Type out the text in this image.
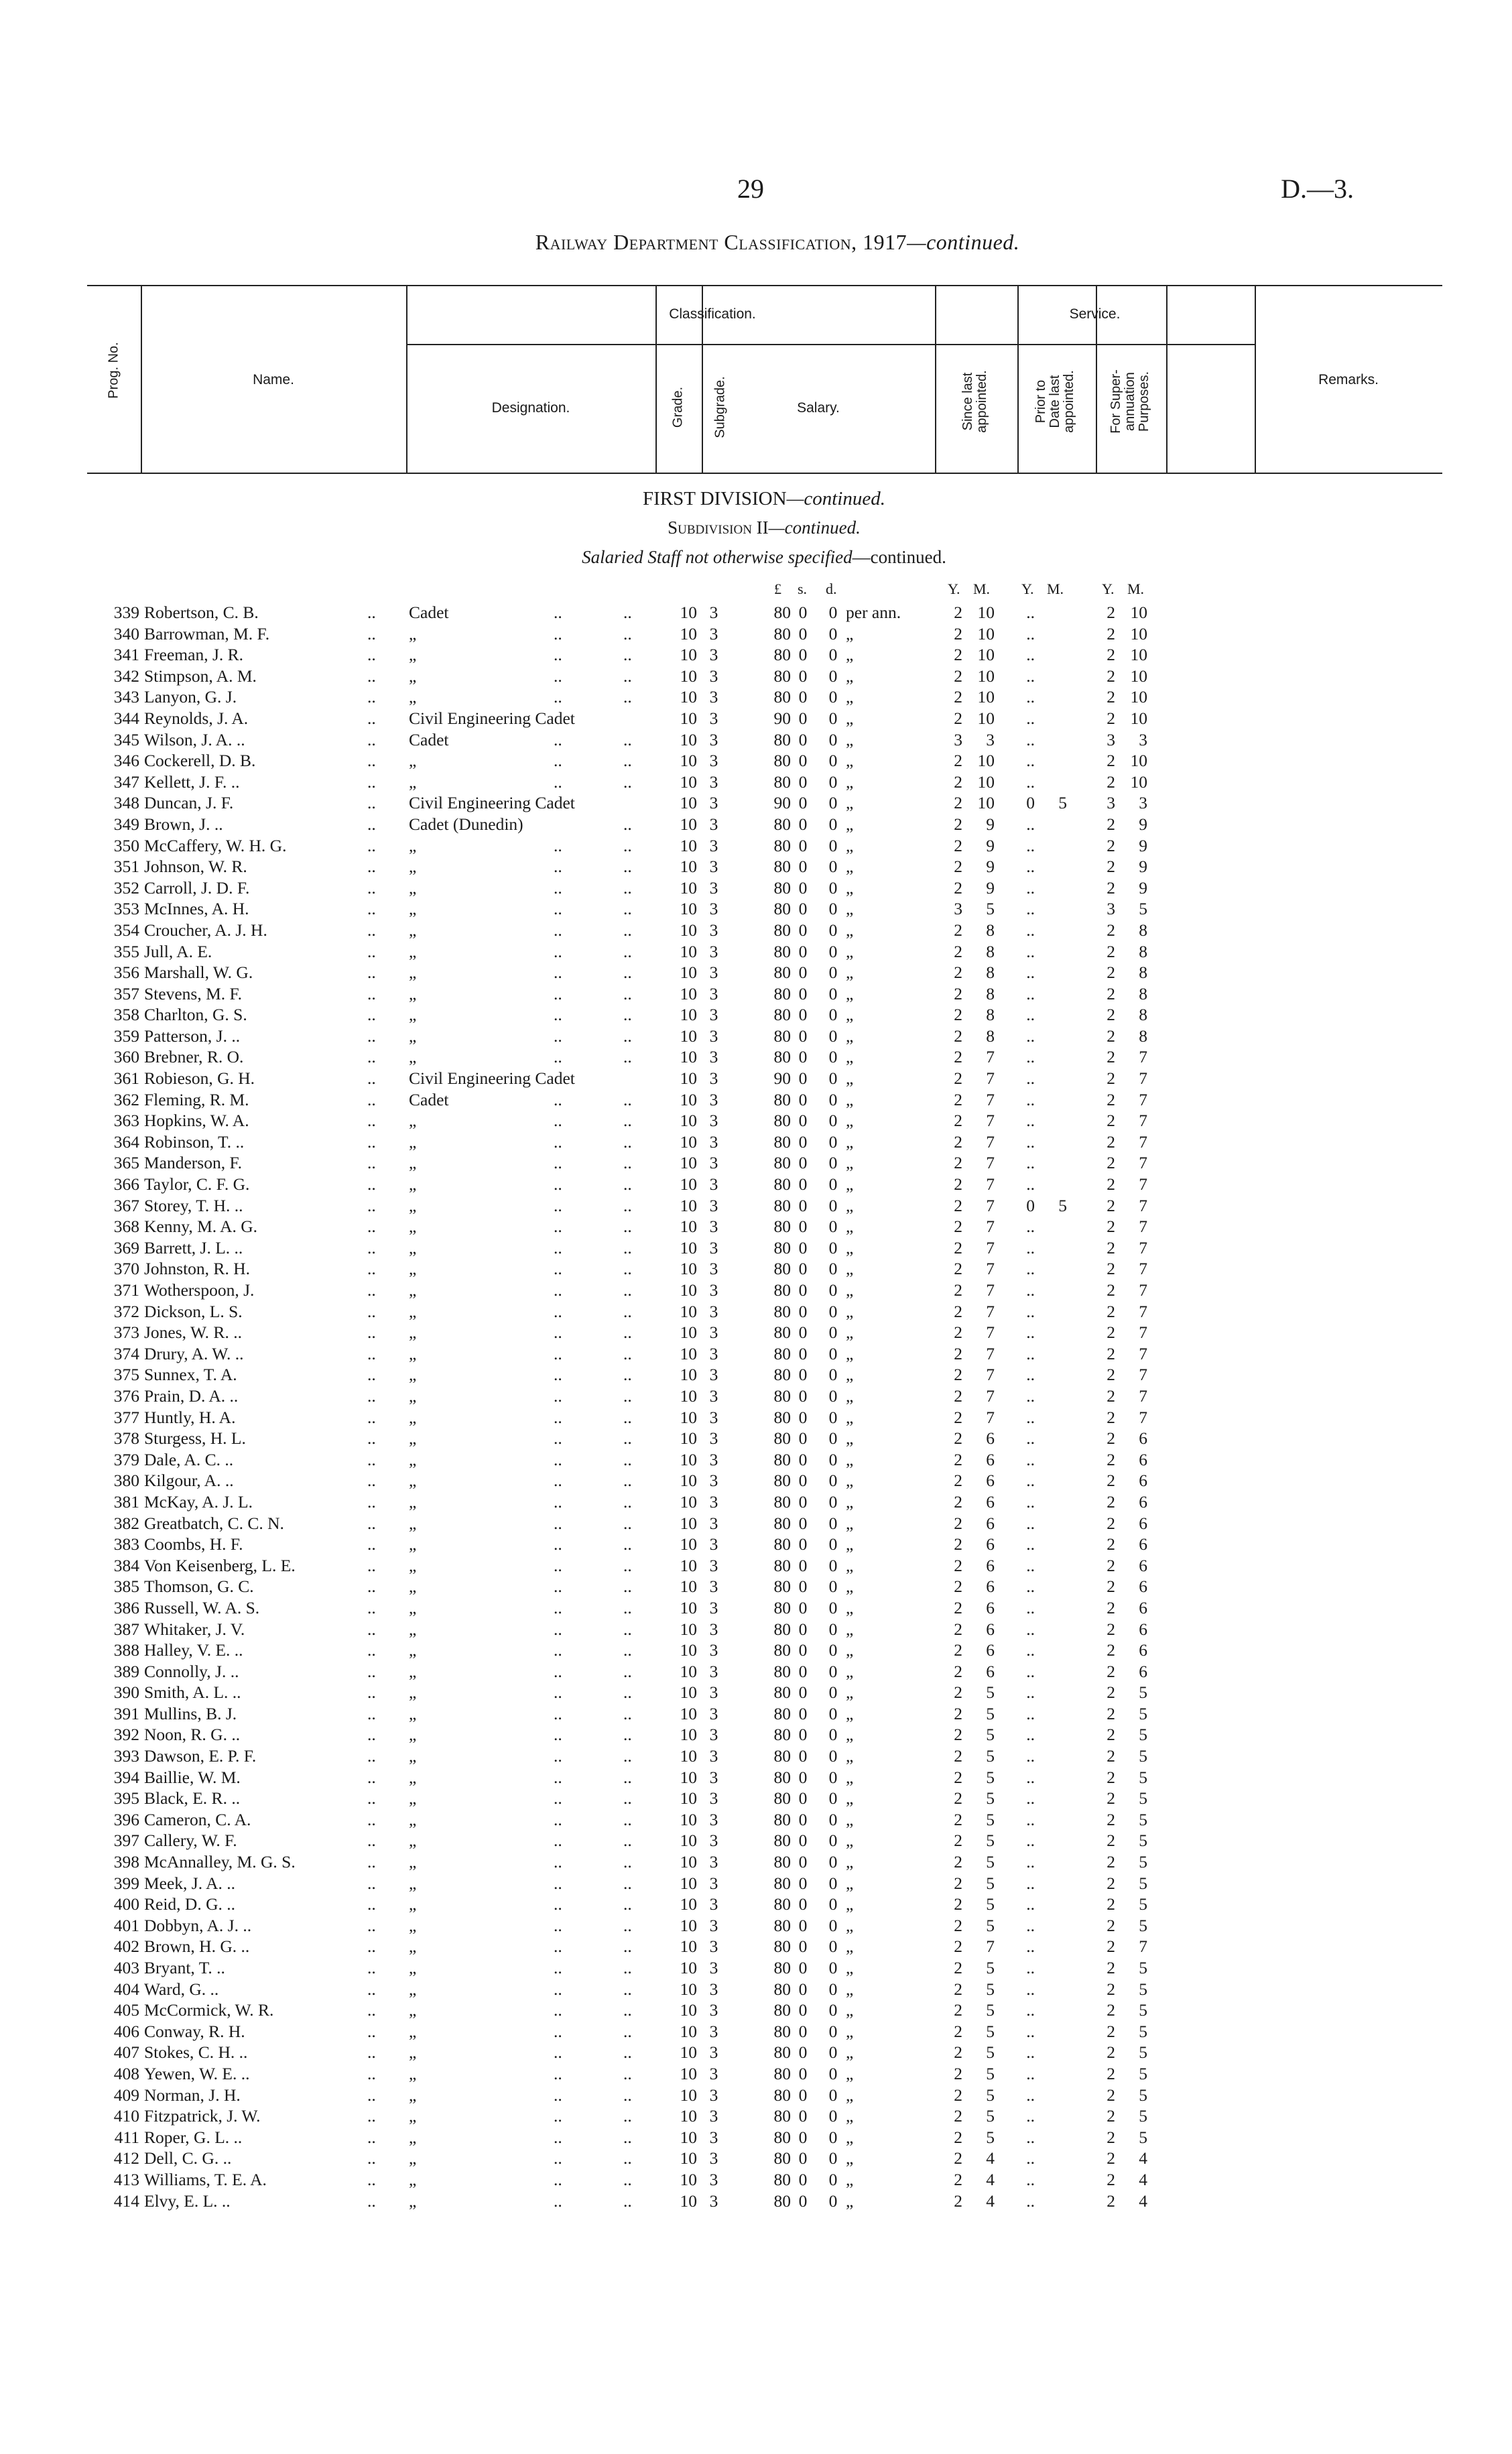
29	D.—3.
Railway Department Classification, 1917—continued.
Prog. No.	Name.
Classification.
Designation.	Grade. Subgrade.	Salary.
Service.
Since last
appointed.	Prior to
Date last
appointed. For Super-
annuation
Purposes.	Remarks.
FIRST DIVISION—continued.
Subdivision II—continued.
Salaried Staff not otherwise specified—continued.
£ s. d.	Y. M. Y. M.	Y. M.
339 Robertson, C. B.	.. Cadet	..	..	10 3	80 0	0 per ann.	2 10	..	2 10
340 Barrowman, M. F.	.. „	..	..	10 3	80 0	0 „	2 10	..	2 10
341 Freeman, J. R.	.. „	..	..	10 3	80 0	0 „	2 10	..	2 10
342 Stimpson, A. M.	.. „	..	..	10 3	80 0	0 „	2 10	..	2 10
343 Lanyon, G. J.	.. „	..	..	10 3	80 0	0 „	2 10	..	2 10
344 Reynolds, J. A.	.. Civil Engineering Cadet	10 3	90 0	0 „	2 10	..	2 10
345 Wilson, J. A. ..	.. Cadet	..	..	10 3	80 0	0 „	3	3	..	3	3
346 Cockerell, D. B.	.. „	..	..	10 3	80 0	0 „	2 10	..	2 10
347 Kellett, J. F. ..	.. „	..	..	10 3	80 0	0 „	2 10	..	2 10
348 Duncan, J. F.	.. Civil Engineering Cadet	10 3	90 0	0 „	2 10	0	5	3	3
349 Brown, J. ..	.. Cadet (Dunedin)	..	10 3	80 0	0 „	2	9	..	2	9
350 McCaffery, W. H. G.	.. „	..	..	10 3	80 0	0 „	2	9	..	2	9
351 Johnson, W. R.	.. „	..	..	10 3	80 0	0 „	2	9	..	2	9
352 Carroll, J. D. F.	.. „	..	..	10 3	80 0	0 „	2	9	..	2	9
353 McInnes, A. H.	.. „	..	..	10 3	80 0	0 „	3	5	..	3	5
354 Croucher, A. J. H.	.. „	..	..	10 3	80 0	0 „	2	8	..	2	8
355 Jull, A. E.	.. „	..	..	10 3	80 0	0 „	2	8	..	2	8
356 Marshall, W. G.	.. „	..	..	10 3	80 0	0 „	2	8	..	2	8
357 Stevens, M. F.	.. „	..	..	10 3	80 0	0 „	2	8	..	2	8
358 Charlton, G. S.	.. „	..	..	10 3	80 0	0 „	2	8	..	2	8
359 Patterson, J. ..	.. „	..	..	10 3	80 0	0 „	2	8	..	2	8
360 Brebner, R. O.	.. „	..	..	10 3	80 0	0 „	2	7	..	2	7
361 Robieson, G. H.	.. Civil Engineering Cadet	10 3	90 0	0 „	2	7	..	2	7
362 Fleming, R. M.	.. Cadet	..	..	10 3	80 0	0 „	2	7	..	2	7
363 Hopkins, W. A.	.. „	..	..	10 3	80 0	0 „	2	7	..	2	7
364 Robinson, T. ..	.. „	..	..	10 3	80 0	0 „	2	7	..	2	7
365 Manderson, F.	.. „	..	..	10 3	80 0	0 „	2	7	..	2	7
366 Taylor, C. F. G.	.. „	..	..	10 3	80 0	0 „	2	7	..	2	7
367 Storey, T. H. ..	.. „	..	..	10 3	80 0	0 „	2	7	0	5	2	7
368 Kenny, M. A. G.	.. „	..	..	10 3	80 0	0 „	2	7	..	2	7
369 Barrett, J. L. ..	.. „	..	..	10 3	80 0	0 „	2	7	..	2	7
370 Johnston, R. H.	.. „	..	..	10 3	80 0	0 „	2	7	..	2	7
371 Wotherspoon, J.	.. „	..	..	10 3	80 0	0 „	2	7	..	2	7
372 Dickson, L. S.	.. „	..	..	10 3	80 0	0 „	2	7	..	2	7
373 Jones, W. R. ..	.. „	..	..	10 3	80 0	0 „	2	7	..	2	7
374 Drury, A. W. ..	.. „	..	..	10 3	80 0	0 „	2	7	..	2	7
375 Sunnex, T. A.	.. „	..	..	10 3	80 0	0 „	2	7	..	2	7
376 Prain, D. A. ..	.. „	..	..	10 3	80 0	0 „	2	7	..	2	7
377 Huntly, H. A.	.. „	..	..	10 3	80 0	0 „	2	7	..	2	7
378 Sturgess, H. L.	.. „	..	..	10 3	80 0	0 „	2	6	..	2	6
379 Dale, A. C. ..	.. „	..	..	10 3	80 0	0 „	2	6	..	2	6
380 Kilgour, A. ..	.. „	..	..	10 3	80 0	0 „	2	6	..	2	6
381 McKay, A. J. L.	.. „	..	..	10 3	80 0	0 „	2	6	..	2	6
382 Greatbatch, C. C. N.	.. „	..	..	10 3	80 0	0 „	2	6	..	2	6
383 Coombs, H. F.	.. „	..	..	10 3	80 0	0 „	2	6	..	2	6
384 Von Keisenberg, L. E.	.. „	..	..	10 3	80 0	0 „	2	6	..	2	6
385 Thomson, G. C.	.. „	..	..	10 3	80 0	0 „	2	6	..	2	6
386 Russell, W. A. S.	.. „	..	..	10 3	80 0	0 „	2	6	..	2	6
387 Whitaker, J. V.	.. „	..	..	10 3	80 0	0 „	2	6	..	2	6
388 Halley, V. E. ..	.. „	..	..	10 3	80 0	0 „	2	6	..	2	6
389 Connolly, J. ..	.. „	..	..	10 3	80 0	0 „	2	6	..	2	6
390 Smith, A. L. ..	.. „	..	..	10 3	80 0	0 „	2	5	..	2	5
391 Mullins, B. J.	.. „	..	..	10 3	80 0	0 „	2	5	..	2	5
392 Noon, R. G. ..	.. „	..	..	10 3	80 0	0 „	2	5	..	2	5
393 Dawson, E. P. F.	.. „	..	..	10 3	80 0	0 „	2	5	..	2	5
394 Baillie, W. M.	.. „	..	..	10 3	80 0	0 „	2	5	..	2	5
395 Black, E. R. ..	.. „	..	..	10 3	80 0	0 „	2	5	..	2	5
396 Cameron, C. A.	.. „	..	..	10 3	80 0	0 „	2	5	..	2	5
397 Callery, W. F.	.. „	..	..	10 3	80 0	0 „	2	5	..	2	5
398 McAnnalley, M. G. S.	.. „	..	..	10 3	80 0	0 „	2	5	..	2	5
399 Meek, J. A. ..	.. „	..	..	10 3	80 0	0 „	2	5	..	2	5
400 Reid, D. G. ..	.. „	..	..	10 3	80 0	0 „	2	5	..	2	5
401 Dobbyn, A. J. ..	.. „	..	..	10 3	80 0	0 „	2	5	..	2	5
402 Brown, H. G. ..	.. „	..	..	10 3	80 0	0 „	2	7	..	2	7
403 Bryant, T. ..	.. „	..	..	10 3	80 0	0 „	2	5	..	2	5
404 Ward, G. ..	.. „	..	..	10 3	80 0	0 „	2	5	..	2	5
405 McCormick, W. R.	.. „	..	..	10 3	80 0	0 „	2	5	..	2	5
406 Conway, R. H.	.. „	..	..	10 3	80 0	0 „	2	5	..	2	5
407 Stokes, C. H. ..	.. „	..	..	10 3	80 0	0 „	2	5	..	2	5
408 Yewen, W. E. ..	.. „	..	..	10 3	80 0	0 „	2	5	..	2	5
409 Norman, J. H.	.. „	..	..	10 3	80 0	0 „	2	5	..	2	5
410 Fitzpatrick, J. W.	.. „	..	..	10 3	80 0	0 „	2	5	..	2	5
411 Roper, G. L. ..	.. „	..	..	10 3	80 0	0 „	2	5	..	2	5
412 Dell, C. G. ..	.. „	..	..	10 3	80 0	0 „	2	4	..	2	4
413 Williams, T. E. A.	.. „	..	..	10 3	80 0	0 „	2	4	..	2	4
414 Elvy, E. L. ..	.. „	..	..	10 3	80 0	0 „	2	4	..	2	4
